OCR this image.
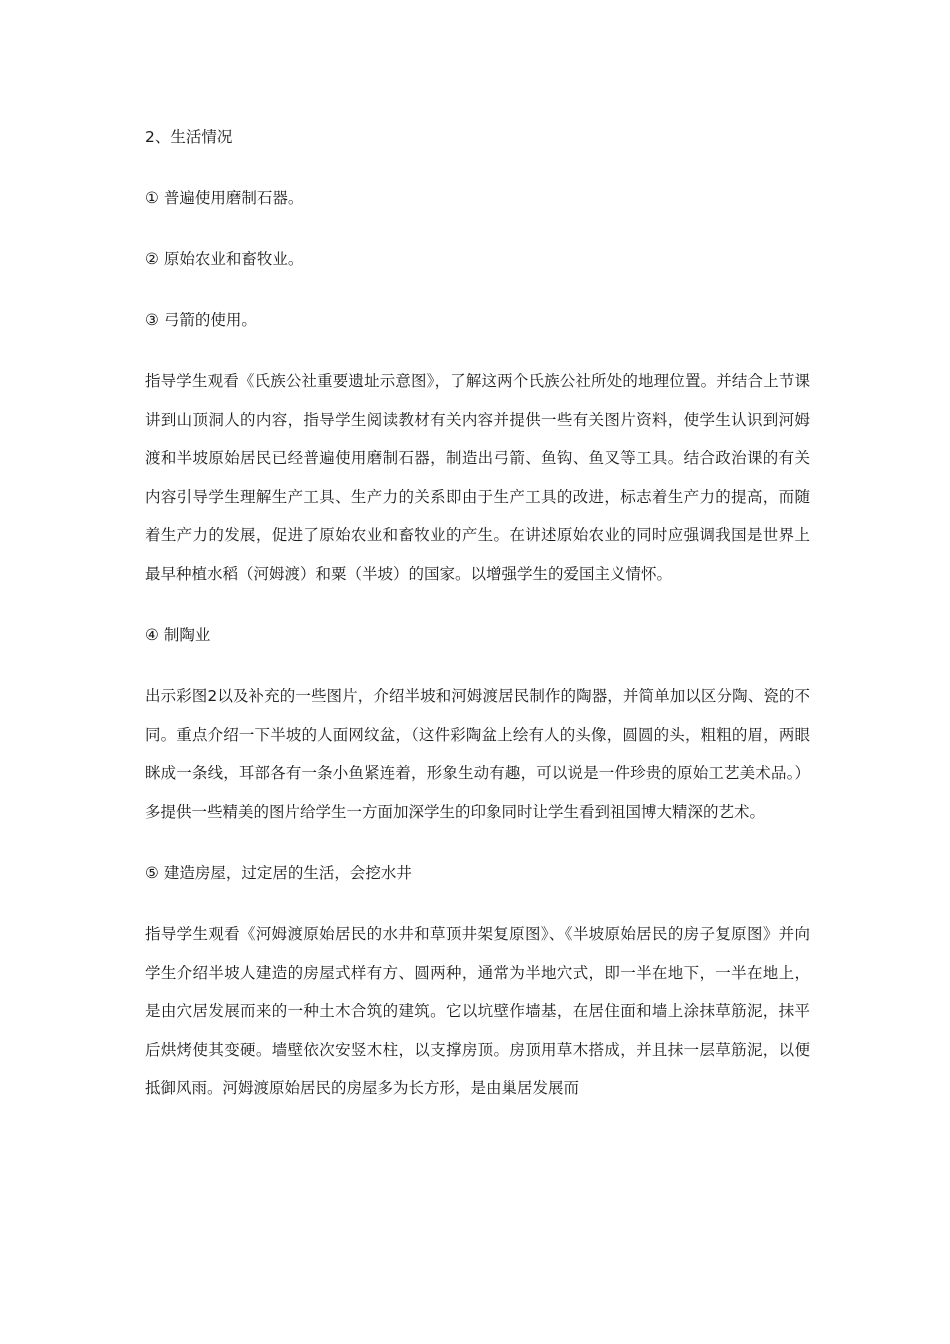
2、生活情况

① 普遍使用磨制石器。

② 原始农业和畜牧业。

③ 弓箭的使用。

指导学生观看《氏族公社重要遗址示意图》，了解这两个氏族公社所处的地理位置。并结合上节课讲到山顶洞人的内容，指导学生阅读教材有关内容并提供一些有关图片资料，使学生认识到河姆渡和半坡原始居民已经普遍使用磨制石器，制造出弓箭、鱼钩、鱼叉等工具。结合政治课的有关内容引导学生理解生产工具、生产力的关系即由于生产工具的改进，标志着生产力的提高，而随着生产力的发展，促进了原始农业和畜牧业的产生。在讲述原始农业的同时应强调我国是世界上最早种植水稻（河姆渡）和粟（半坡）的国家。以增强学生的爱国主义情怀。

④ 制陶业

出示彩图2以及补充的一些图片，介绍半坡和河姆渡居民制作的陶器，并简单加以区分陶、瓷的不同。重点介绍一下半坡的人面网纹盆，（这件彩陶盆上绘有人的头像，圆圆的头，粗粗的眉，两眼眯成一条线，耳部各有一条小鱼紧连着，形象生动有趣，可以说是一件珍贵的原始工艺美术品。）多提供一些精美的图片给学生一方面加深学生的印象同时让学生看到祖国博大精深的艺术。

⑤ 建造房屋，过定居的生活，会挖水井

指导学生观看《河姆渡原始居民的水井和草顶井架复原图》、《半坡原始居民的房子复原图》并向学生介绍半坡人建造的房屋式样有方、圆两种，通常为半地穴式，即一半在地下，一半在地上，是由穴居发展而来的一种土木合筑的建筑。它以坑壁作墙基，在居住面和墙上涂抹草筋泥，抹平后烘烤使其变硬。墙壁依次安竖木柱，以支撑房顶。房顶用草木搭成，并且抹一层草筋泥，以便抵御风雨。河姆渡原始居民的房屋多为长方形，是由巢居发展而
